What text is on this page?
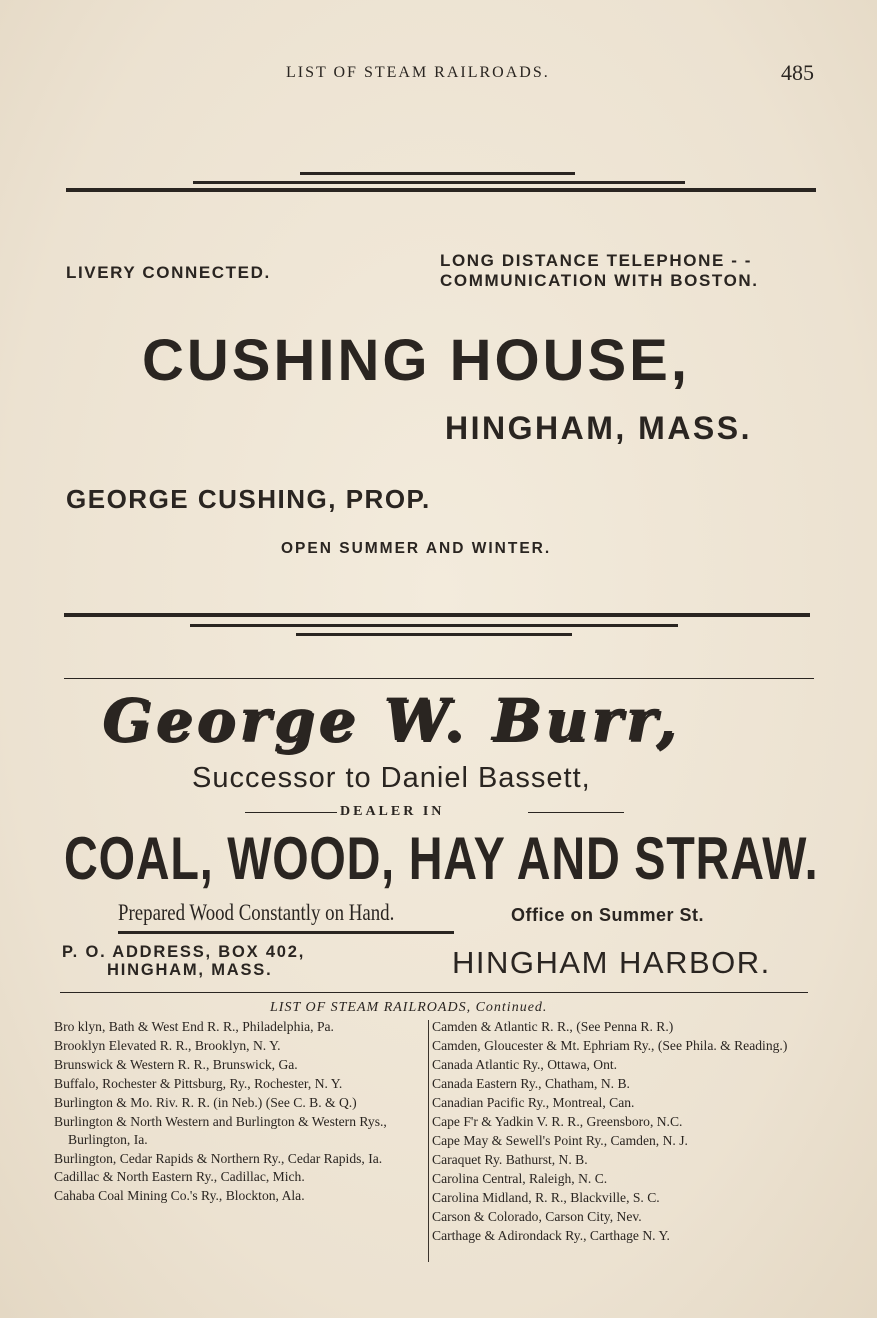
LIST OF STEAM RAILROADS.	485
LIVERY CONNECTED.
LONG DISTANCE TELEPHONE - -
COMMUNICATION WITH BOSTON.
CUSHING HOUSE,
HINGHAM, MASS.
GEORGE CUSHING, PROP.
OPEN SUMMER AND WINTER.
George W. Burr,
Successor to Daniel Bassett,
DEALER IN
COAL, WOOD, HAY AND STRAW.
Prepared Wood Constantly on Hand.	Office on Summer St.
P. O. ADDRESS, BOX 402,
HINGHAM, MASS.	HINGHAM HARBOR.
LIST OF STEAM RAILROADS, Continued.
Bro klyn, Bath & West End R. R., Philadelphia, Pa.
Brooklyn Elevated R. R., Brooklyn, N. Y.
Brunswick & Western R. R., Brunswick, Ga.
Buffalo, Rochester & Pittsburg, Ry., Rochester, N. Y.
Burlington & Mo. Riv. R. R. (in Neb.) (See C. B. & Q.)
Burlington & North Western and Burlington & Western Rys., Burlington, Ia.
Burlington, Cedar Rapids & Northern Ry., Cedar Rapids, Ia.
Cadillac & North Eastern Ry., Cadillac, Mich.
Cahaba Coal Mining Co.'s Ry., Blockton, Ala.
Camden & Atlantic R. R., (See Penna R. R.)
Camden, Gloucester & Mt. Ephriam Ry., (See Phila. & Reading.)
Canada Atlantic Ry., Ottawa, Ont.
Canada Eastern Ry., Chatham, N. B.
Canadian Pacific Ry., Montreal, Can.
Cape F'r & Yadkin V. R. R., Greensboro, N.C.
Cape May & Sewell's Point Ry., Camden, N. J.
Caraquet Ry. Bathurst, N. B.
Carolina Central, Raleigh, N. C.
Carolina Midland, R. R., Blackville, S. C.
Carson & Colorado, Carson City, Nev.
Carthage & Adirondack Ry., Carthage N. Y.
